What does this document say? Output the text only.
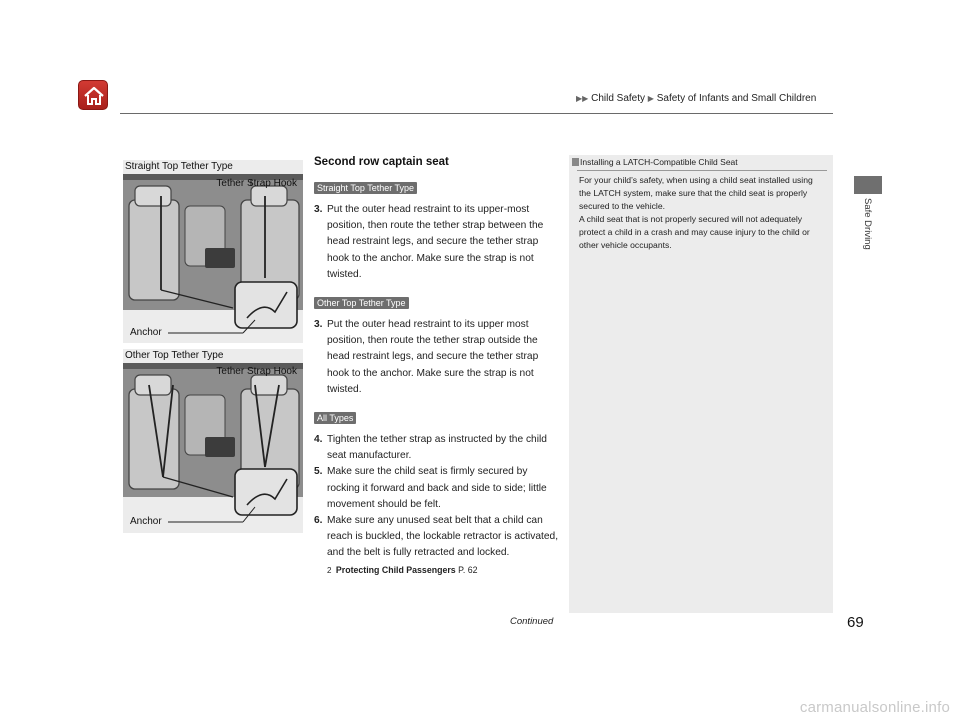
▶▶ Child Safety ▶ Safety of Infants and Small Children
Safe Driving
Straight Top Tether Type
Tether Strap Hook
Anchor
Other Top Tether Type
Tether Strap Hook
Anchor
Second row captain seat
Straight Top Tether Type
3. Put the outer head restraint to its upper-most position, then route the tether strap between the head restraint legs, and secure the tether strap hook to the anchor. Make sure the strap is not twisted.
Other Top Tether Type
3. Put the outer head restraint to its upper most position, then route the tether strap outside the head restraint legs, and secure the tether strap hook to the anchor. Make sure the strap is not twisted.
All Types
4. Tighten the tether strap as instructed by the child seat manufacturer.
5. Make sure the child seat is firmly secured by rocking it forward and back and side to side; little movement should be felt.
6. Make sure any unused seat belt that a child can reach is buckled, the lockable retractor is activated, and the belt is fully retracted and locked.
2 Protecting Child Passengers P. 62
Installing a LATCH-Compatible Child Seat

For your child’s safety, when using a child seat installed using the LATCH system, make sure that the child seat is properly secured to the vehicle.

A child seat that is not properly secured will not adequately protect a child in a crash and may cause injury to the child or other vehicle occupants.

Continued	69
carmanualsonline.info
